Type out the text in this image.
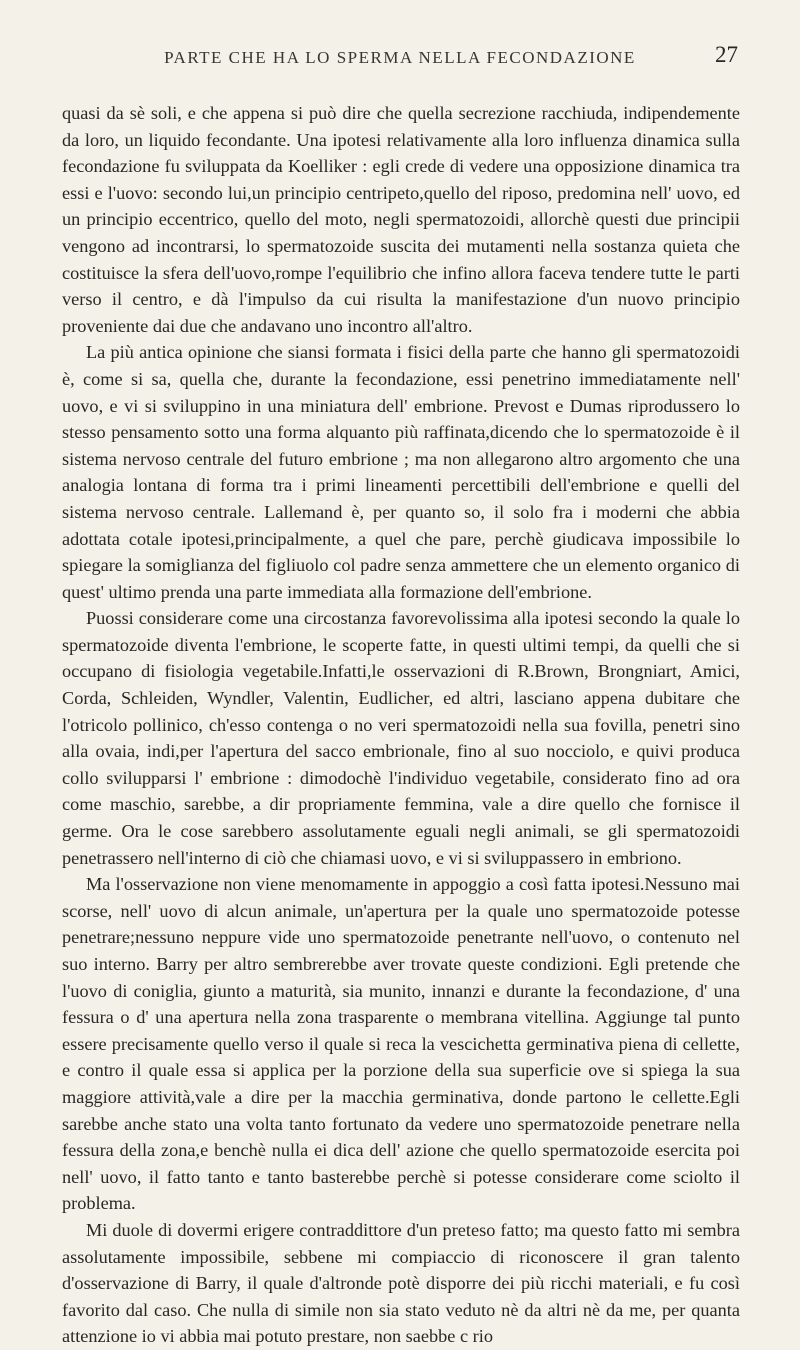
PARTE CHE HA LO SPERMA NELLA FECONDAZIONE	27

quasi da sè soli, e che appena si può dire che quella secrezione racchiuda, indipendemente da loro, un liquido fecondante. Una ipotesi relativamente alla loro influenza dinamica sulla fecondazione fu sviluppata da Koelliker : egli crede di vedere una opposizione dinamica tra essi e l'uovo: secondo lui,un principio centripeto,quello del riposo, predomina nell' uovo, ed un principio eccentrico, quello del moto, negli spermatozoidi, allorchè questi due principii vengono ad incontrarsi, lo spermatozoide suscita dei mutamenti nella sostanza quieta che costituisce la sfera dell'uovo,rompe l'equilibrio che infino allora faceva tendere tutte le parti verso il centro, e dà l'impulso da cui risulta la manifestazione d'un nuovo principio proveniente dai due che andavano uno incontro all'altro.

La più antica opinione che siansi formata i fisici della parte che hanno gli spermatozoidi è, come si sa, quella che, durante la fecondazione, essi penetrino immediatamente nell' uovo, e vi si sviluppino in una miniatura dell' embrione. Prevost e Dumas riprodussero lo stesso pensamento sotto una forma alquanto più raffinata,dicendo che lo spermatozoide è il sistema nervoso centrale del futuro embrione ; ma non allegarono altro argomento che una analogia lontana di forma tra i primi lineamenti percettibili dell'embrione e quelli del sistema nervoso centrale. Lallemand è, per quanto so, il solo fra i moderni che abbia adottata cotale ipotesi,principalmente, a quel che pare, perchè giudicava impossibile lo spiegare la somiglianza del figliuolo col padre senza ammettere che un elemento organico di quest' ultimo prenda una parte immediata alla formazione dell'embrione.

Puossi considerare come una circostanza favorevolissima alla ipotesi secondo la quale lo spermatozoide diventa l'embrione, le scoperte fatte, in questi ultimi tempi, da quelli che si occupano di fisiologia vegetabile.Infatti,le osservazioni di R.Brown, Brongniart, Amici, Corda, Schleiden, Wyndler, Valentin, Eudlicher, ed altri, lasciano appena dubitare che l'otricolo pollinico, ch'esso contenga o no veri spermatozoidi nella sua fovilla, penetri sino alla ovaia, indi,per l'apertura del sacco embrionale, fino al suo nocciolo, e quivi produca collo svilupparsi l' embrione : dimodochè l'individuo vegetabile, considerato fino ad ora come maschio, sarebbe, a dir propriamente femmina, vale a dire quello che fornisce il germe. Ora le cose sarebbero assolutamente eguali negli animali, se gli spermatozoidi penetrassero nell'interno di ciò che chiamasi uovo, e vi si sviluppassero in embriono.

Ma l'osservazione non viene menomamente in appoggio a così fatta ipotesi.Nessuno mai scorse, nell' uovo di alcun animale, un'apertura per la quale uno spermatozoide potesse penetrare;nessuno neppure vide uno spermatozoide penetrante nell'uovo, o contenuto nel suo interno. Barry per altro sembrerebbe aver trovate queste condizioni. Egli pretende che l'uovo di coniglia, giunto a maturità, sia munito, innanzi e durante la fecondazione, d' una fessura o d' una apertura nella zona trasparente o membrana vitellina. Aggiunge tal punto essere precisamente quello verso il quale si reca la vescichetta germinativa piena di cellette, e contro il quale essa si applica per la porzione della sua superficie ove si spiega la sua maggiore attività,vale a dire per la macchia germinativa, donde partono le cellette.Egli sarebbe anche stato una volta tanto fortunato da vedere uno spermatozoide penetrare nella fessura della zona,e benchè nulla ei dica dell' azione che quello spermatozoide esercita poi nell' uovo, il fatto tanto e tanto basterebbe perchè si potesse considerare come sciolto il problema.

Mi duole di dovermi erigere contraddittore d'un preteso fatto; ma questo fatto mi sembra assolutamente impossibile, sebbene mi compiaccio di riconoscere il gran talento d'osservazione di Barry, il quale d'altronde potè disporre dei più ricchi materiali, e fu così favorito dal caso. Che nulla di simile non sia stato veduto nè da altri nè da me, per quanta attenzione io vi abbia mai potuto prestare, non saebbe c rio
